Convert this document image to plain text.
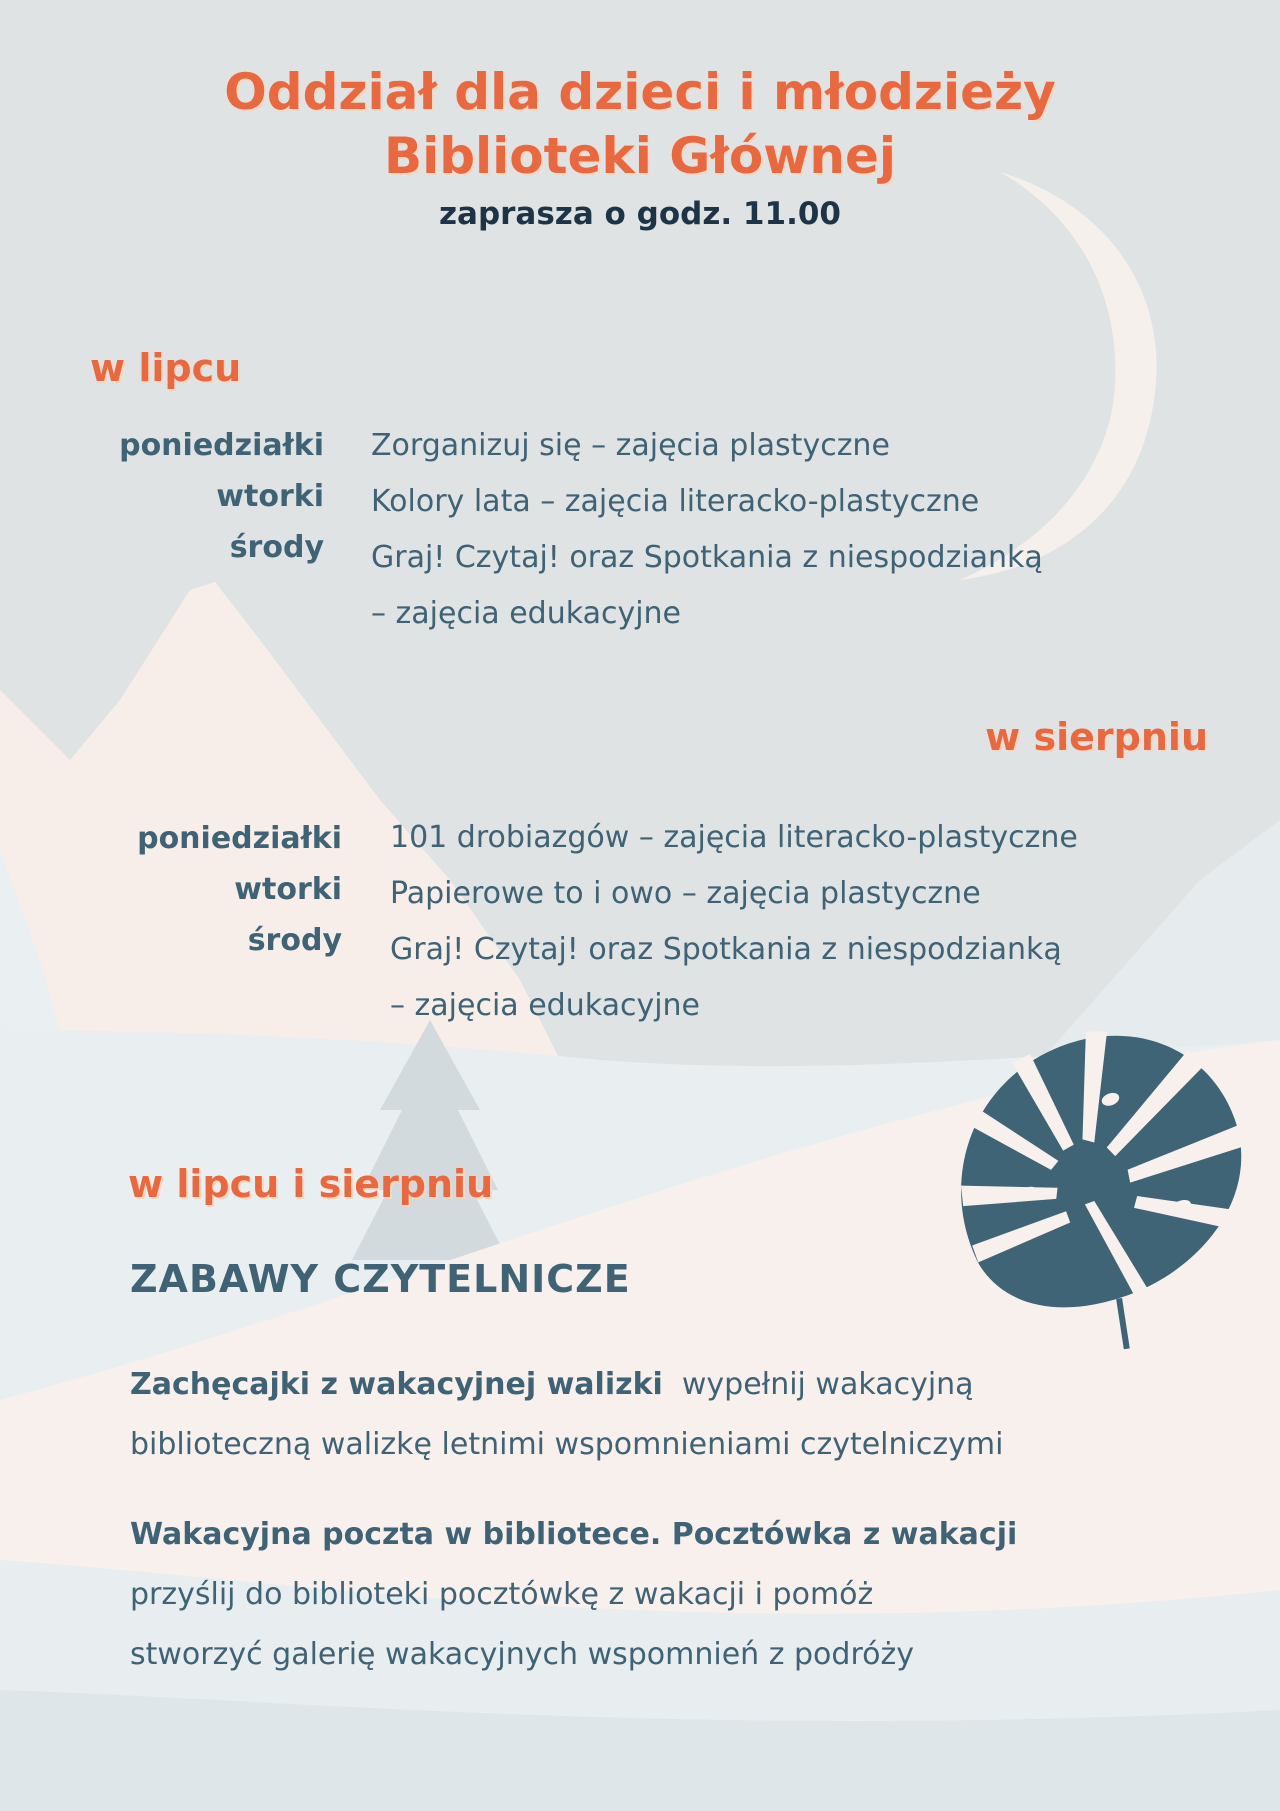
Oddział dla dzieci i młodzieży
Biblioteki Głównej
zaprasza o godz. 11.00
w lipcu
poniedziałki
wtorki
środy
Zorganizuj się – zajęcia plastyczne
Kolory lata – zajęcia literacko-plastyczne
Graj! Czytaj! oraz Spotkania z niespodzianką
– zajęcia edukacyjne
w sierpniu
poniedziałki
wtorki
środy
101 drobiazgów – zajęcia literacko-plastyczne
Papierowe to i owo – zajęcia plastyczne
Graj! Czytaj! oraz Spotkania z niespodzianką
– zajęcia edukacyjne
w lipcu i sierpniu
ZABAWY CZYTELNICZE
Zachęcajki z wakacyjnej walizki wypełnij wakacyjną
biblioteczną walizkę letnimi wspomnieniami czytelniczymi
Wakacyjna poczta w bibliotece. Pocztówka z wakacji
przyślij do biblioteki pocztówkę z wakacji i pomóż
stworzyć galerię wakacyjnych wspomnień z podróży
